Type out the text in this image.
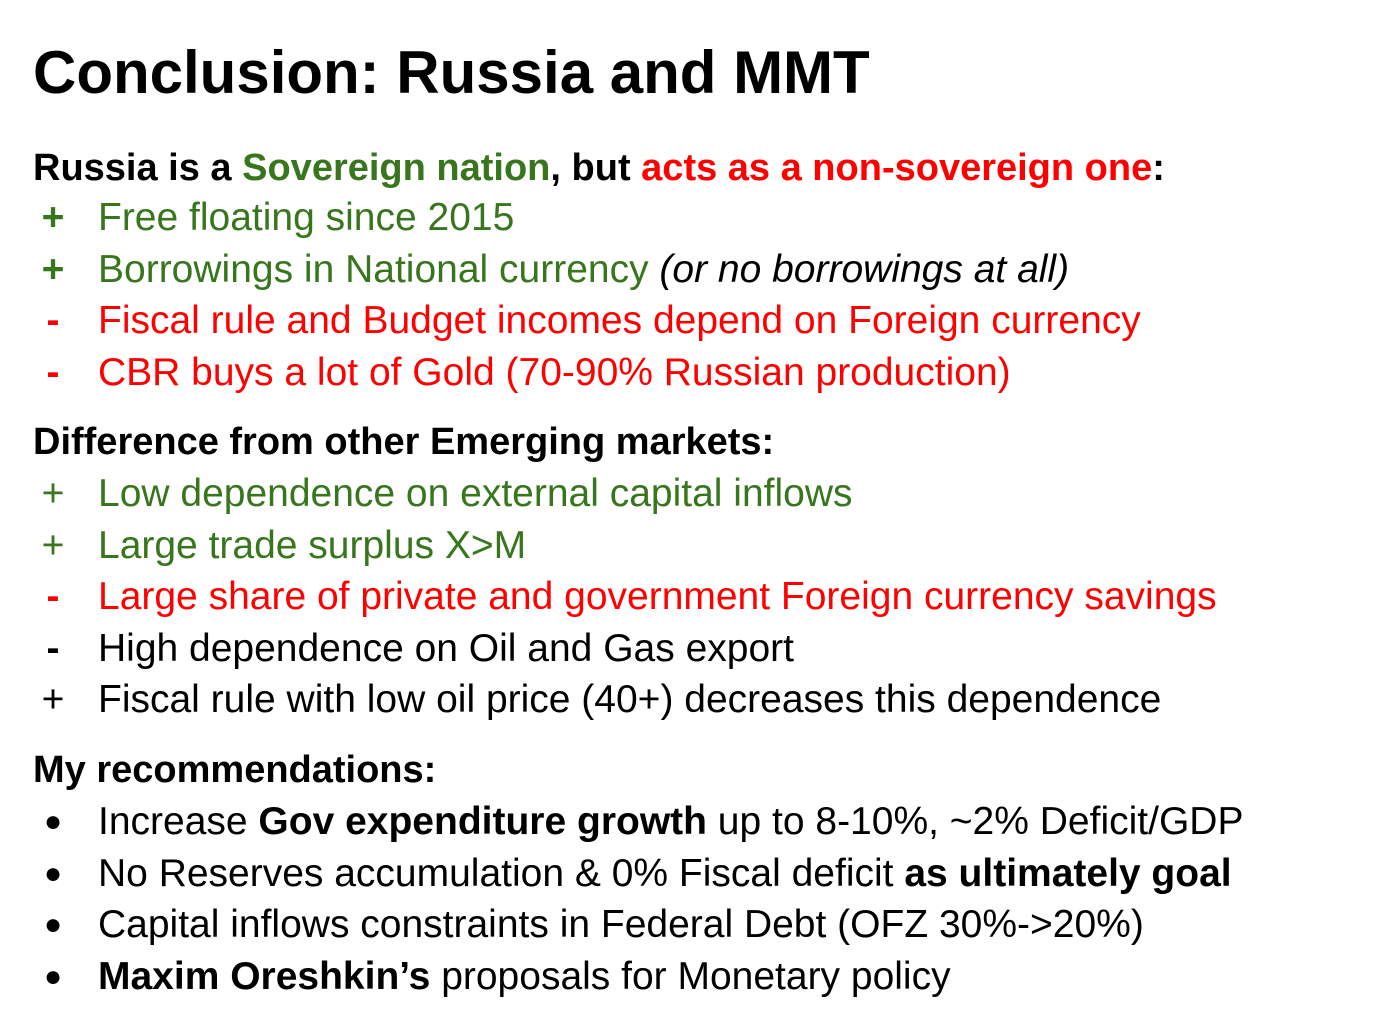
Conclusion: Russia and MMT
Russia is a Sovereign nation, but acts as a non-sovereign one:
+ Free floating since 2015
+ Borrowings in National currency (or no borrowings at all)
- Fiscal rule and Budget incomes depend on Foreign currency
- CBR buys a lot of Gold (70-90% Russian production)
Difference from other Emerging markets:
+ Low dependence on external capital inflows
+ Large trade surplus X>M
- Large share of private and government Foreign currency savings
- High dependence on Oil and Gas export
+ Fiscal rule with low oil price (40+) decreases this dependence
My recommendations:
● Increase Gov expenditure growth up to 8-10%, ~2% Deficit/GDP
● No Reserves accumulation & 0% Fiscal deficit as ultimately goal
● Capital inflows constraints in Federal Debt (OFZ 30%->20%)
● Maxim Oreshkin’s proposals for Monetary policy
